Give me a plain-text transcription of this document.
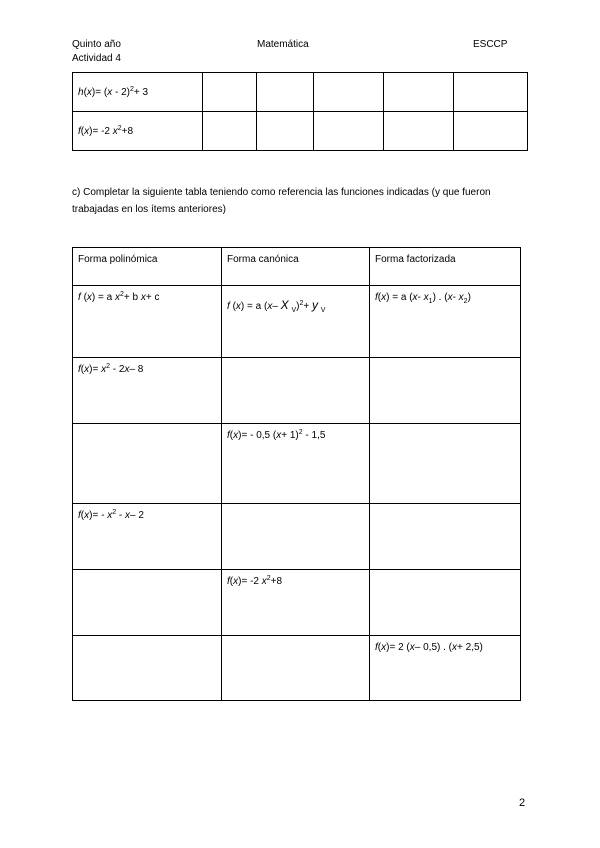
Quinto año
Actividad 4
Matemática	ESCCP
h(x)= (x - 2)$^2$+ 3					
f(x)= -2 $x^2+8$					
c) Completar la siguiente tabla teniendo como referencia las funciones indicadas (y que fueron trabajadas en los ítems anteriores)
Forma polinómica	Forma canónica	Forma factorizada
f (x) = a $x^2+ b$ x+ c	f (x) = a (x– X $_V$)$^2$+ y $_V$	f(x) = a (x- $x_1$) . (x- $x_2$)
$f(x)= x^2 - 2x-$ 8		
	f(x)= - 0,5 $(x+ 1)^2 - 1,5$	
$f(x)= - x^2 - x-$ 2		
	f(x)= -2 $x^2+8$	
		f(x)= 2 (x– 0,5) . (x+ 2,5)
2
